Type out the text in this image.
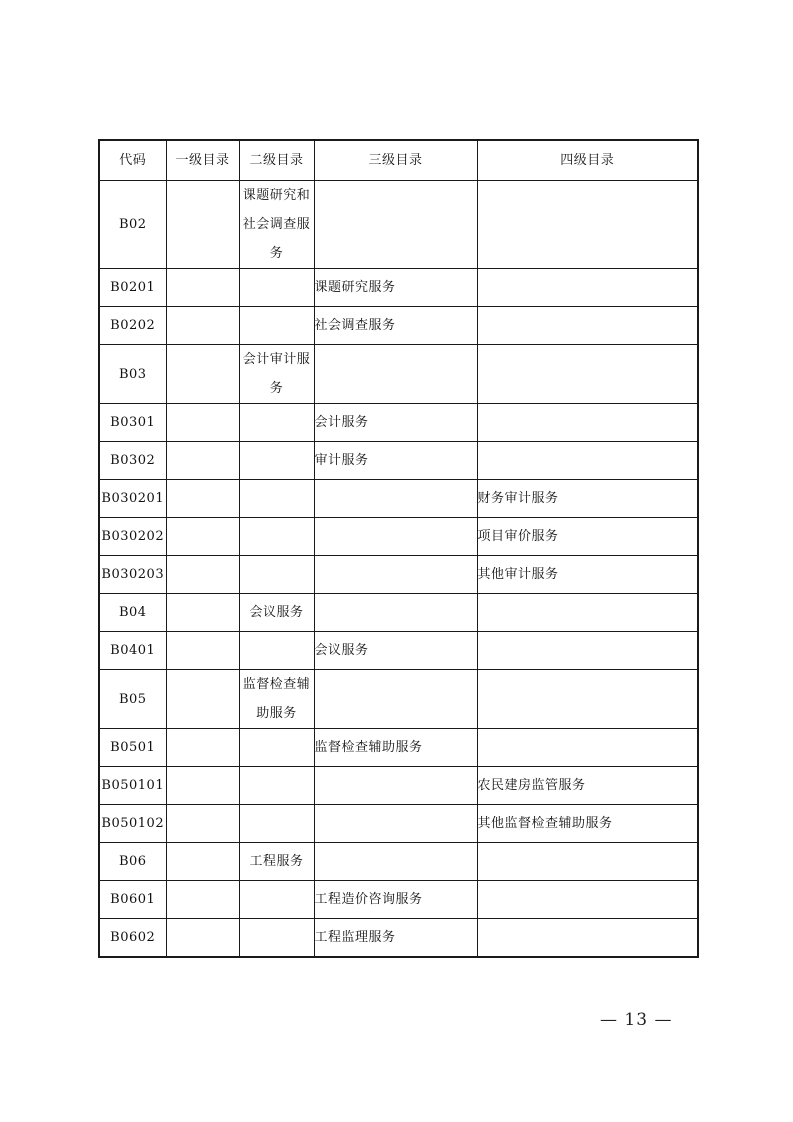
代码	一级目录	二级目录	三级目录	四级目录
B02		课题研究和社会调查服务		
B0201			课题研究服务	
B0202			社会调查服务	
B03		会计审计服务		
B0301			会计服务	
B0302			审计服务	
B030201				财务审计服务
B030202				项目审价服务
B030203				其他审计服务
B04		会议服务		
B0401			会议服务	
B05		监督检查辅助服务		
B0501			监督检查辅助服务	
B050101				农民建房监管服务
B050102				其他监督检查辅助服务
B06		工程服务		
B0601			工程造价咨询服务	
B0602			工程监理服务	
— 13 —
